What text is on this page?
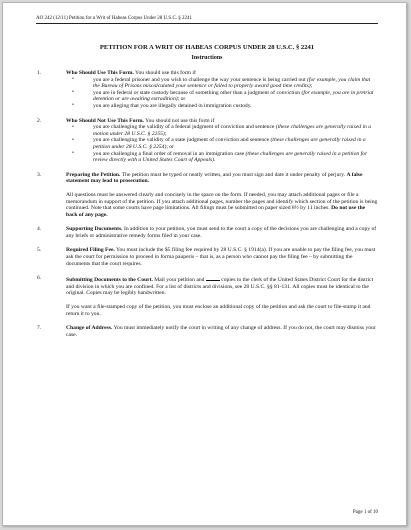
AO 242 (12/11) Petition for a Writ of Habeas Corpus Under 28 U.S.C. § 2241
PETITION FOR A WRIT OF HABEAS CORPUS UNDER 28 U.S.C. § 2241
Instructions
1.	Who Should Use This Form. You should use this form if
•	you are a federal prisoner and you wish to challenge the way your sentence is being carried out (for example, you claim that the Bureau of Prisons miscalculated your sentence or failed to properly award good time credits);
•	you are in federal or state custody because of something other than a judgment of conviction (for example, you are in pretrial detention or are awaiting extradition); or
•	you are alleging that you are illegally detained in immigration custody.
2.	Who Should Not Use This Form. You should not use this form if
•	you are challenging the validity of a federal judgment of conviction and sentence (these challenges are generally raised in a motion under 28 U.S.C. § 2255);
•	you are challenging the validity of a state judgment of conviction and sentence (these challenges are generally raised in a petition under 28 U.S.C. § 2254); or
•	you are challenging a final order of removal in an immigration case (these challenges are generally raised in a petition for review directly with a United States Court of Appeals).
3.	Preparing the Petition. The petition must be typed or neatly written, and you must sign and date it under penalty of perjury. A false statement may lead to prosecution.
All questions must be answered clearly and concisely in the space on the form. If needed, you may attach additional pages or file a memorandum in support of the petition. If you attach additional pages, number the pages and identify which section of the petition is being continued. Note that some courts have page limitations. All filings must be submitted on paper sized 8½ by 11 inches. Do not use the back of any page.
4.	Supporting Documents. In addition to your petition, you must send to the court a copy of the decisions you are challenging and a copy of any briefs or administrative remedy forms filed in your case.
5.	Required Filing Fee. You must include the $5 filing fee required by 28 U.S.C. § 1914(a). If you are unable to pay the filing fee, you must ask the court for permission to proceed in forma pauperis – that is, as a person who cannot pay the filing fee – by submitting the documents that the court requires.
6.	Submitting Documents to the Court. Mail your petition and	copies to the clerk of the United States District Court for the district and division in which you are confined. For a list of districts and divisions, see 28 U.S.C. §§ 81-131. All copies must be identical to the original. Copies may be legibly handwritten.
If you want a file-stamped copy of the petition, you must enclose an additional copy of the petition and ask the court to file-stamp it and return it to you.
7.	Change of Address. You must immediately notify the court in writing of any change of address. If you do not, the court may dismiss your case.
Page 1 of 10
